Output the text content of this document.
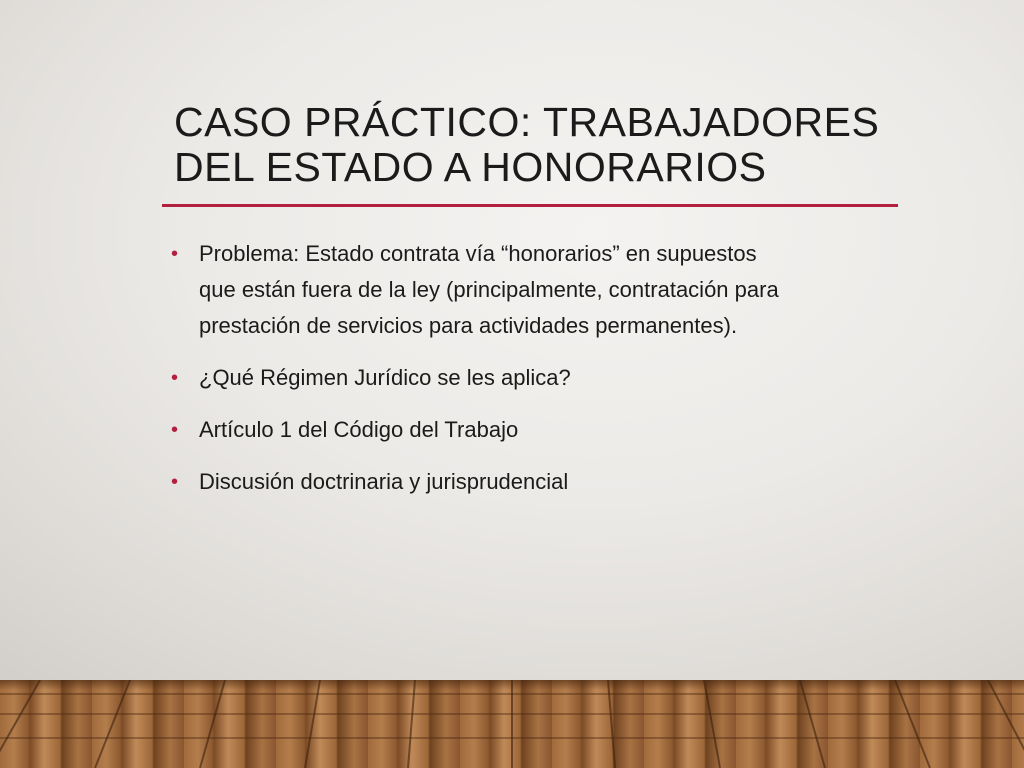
CASO PRÁCTICO: TRABAJADORES
DEL ESTADO A HONORARIOS
• Problema: Estado contrata vía “honorarios” en supuestos
que están fuera de la ley (principalmente, contratación para
prestación de servicios para actividades permanentes).
• ¿Qué Régimen Jurídico se les aplica?
• Artículo 1 del Código del Trabajo
• Discusión doctrinaria y jurisprudencial
